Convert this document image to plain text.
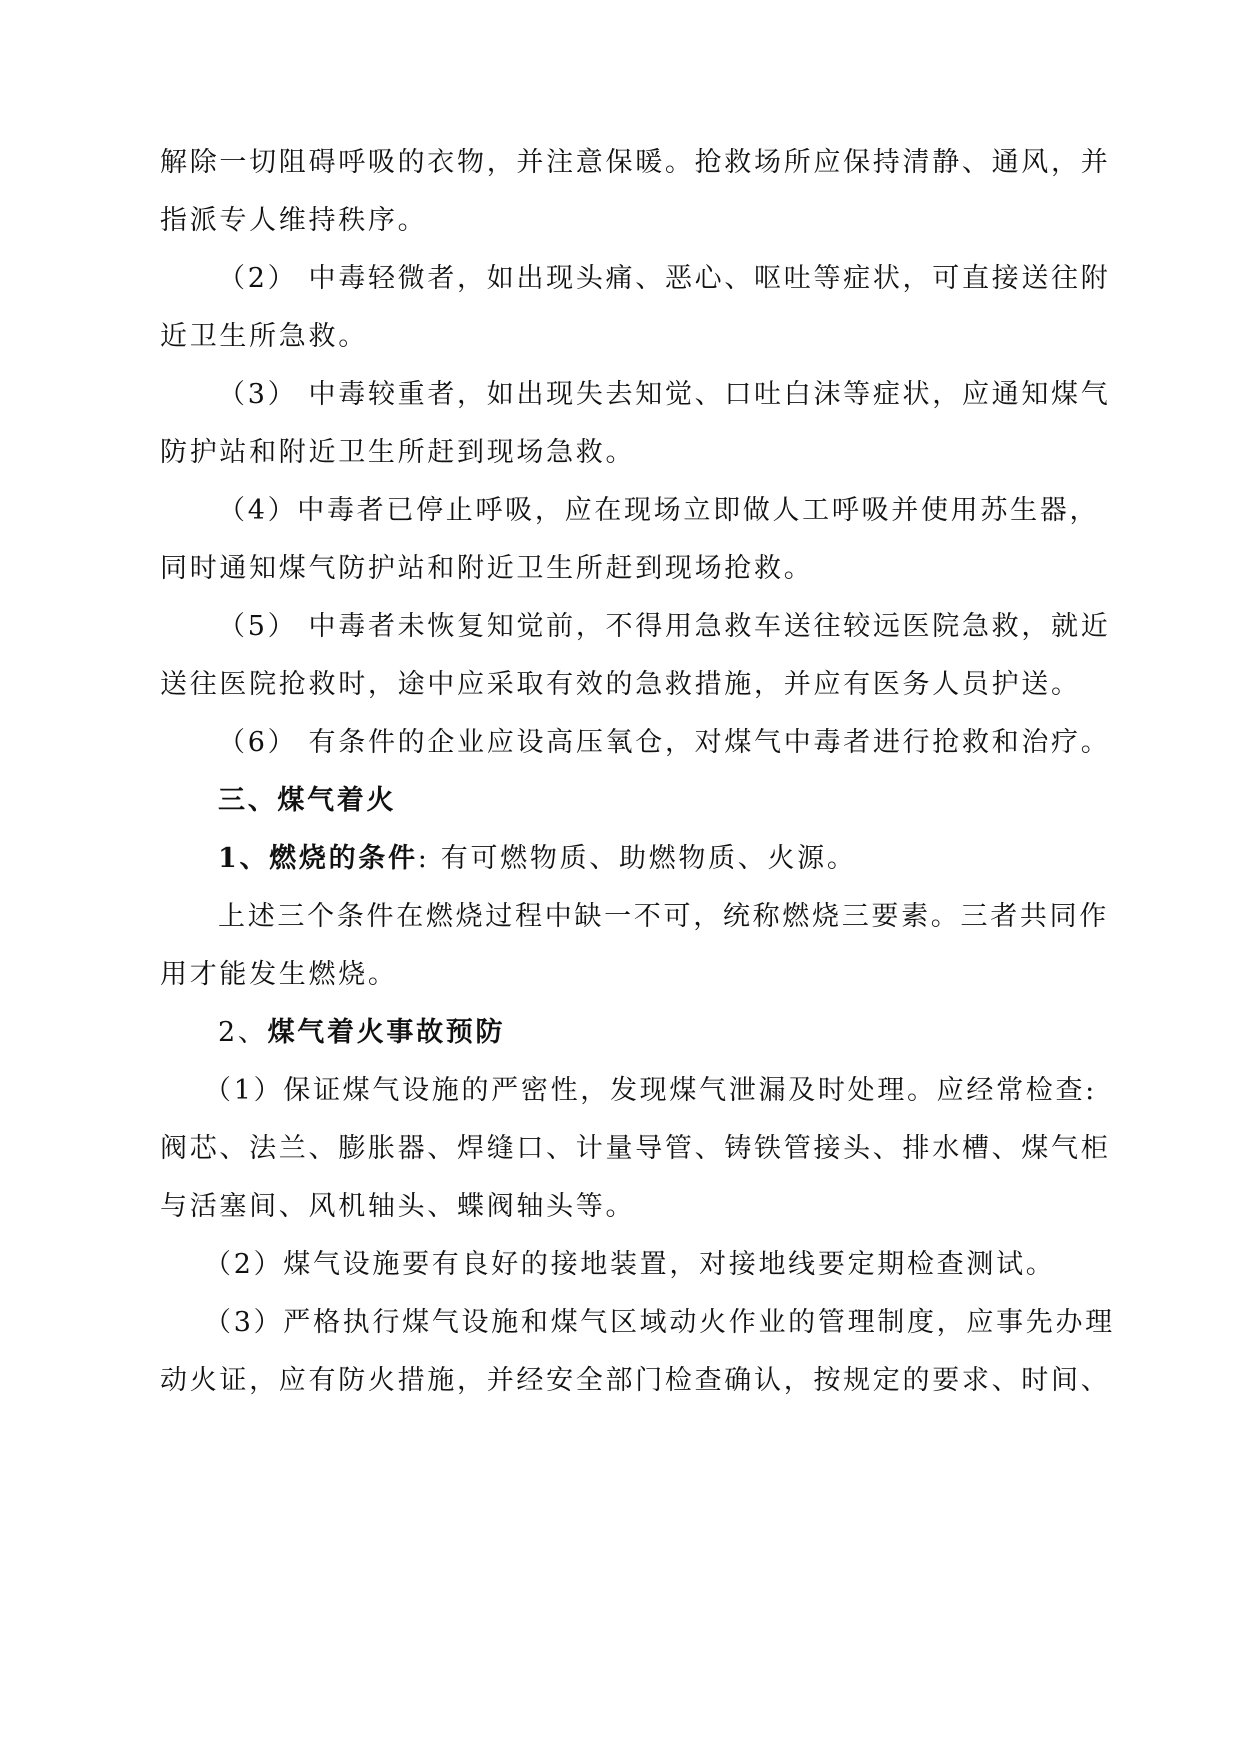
解除一切阻碍呼吸的衣物，并注意保暖。抢救场所应保持清静、通风，并

指派专人维持秩序。

（2） 中毒轻微者，如出现头痛、恶心、呕吐等症状，可直接送往附

近卫生所急救。

（3） 中毒较重者，如出现失去知觉、口吐白沫等症状，应通知煤气

防护站和附近卫生所赶到现场急救。

（4）中毒者已停止呼吸，应在现场立即做人工呼吸并使用苏生器，

同时通知煤气防护站和附近卫生所赶到现场抢救。

（5） 中毒者未恢复知觉前，不得用急救车送往较远医院急救，就近

送往医院抢救时，途中应采取有效的急救措施，并应有医务人员护送。

（6） 有条件的企业应设高压氧仓，对煤气中毒者进行抢救和治疗。

三、煤气着火

1、燃烧的条件: 有可燃物质、助燃物质、火源。

上述三个条件在燃烧过程中缺一不可，统称燃烧三要素。三者共同作

用才能发生燃烧。

2、煤气着火事故预防

（1）保证煤气设施的严密性，发现煤气泄漏及时处理。应经常检查:

阀芯、法兰、膨胀器、焊缝口、计量导管、铸铁管接头、排水槽、煤气柜

与活塞间、风机轴头、蝶阀轴头等。

（2）煤气设施要有良好的接地装置，对接地线要定期检查测试。

（3）严格执行煤气设施和煤气区域动火作业的管理制度，应事先办理

动火证，应有防火措施，并经安全部门检查确认，按规定的要求、时间、
